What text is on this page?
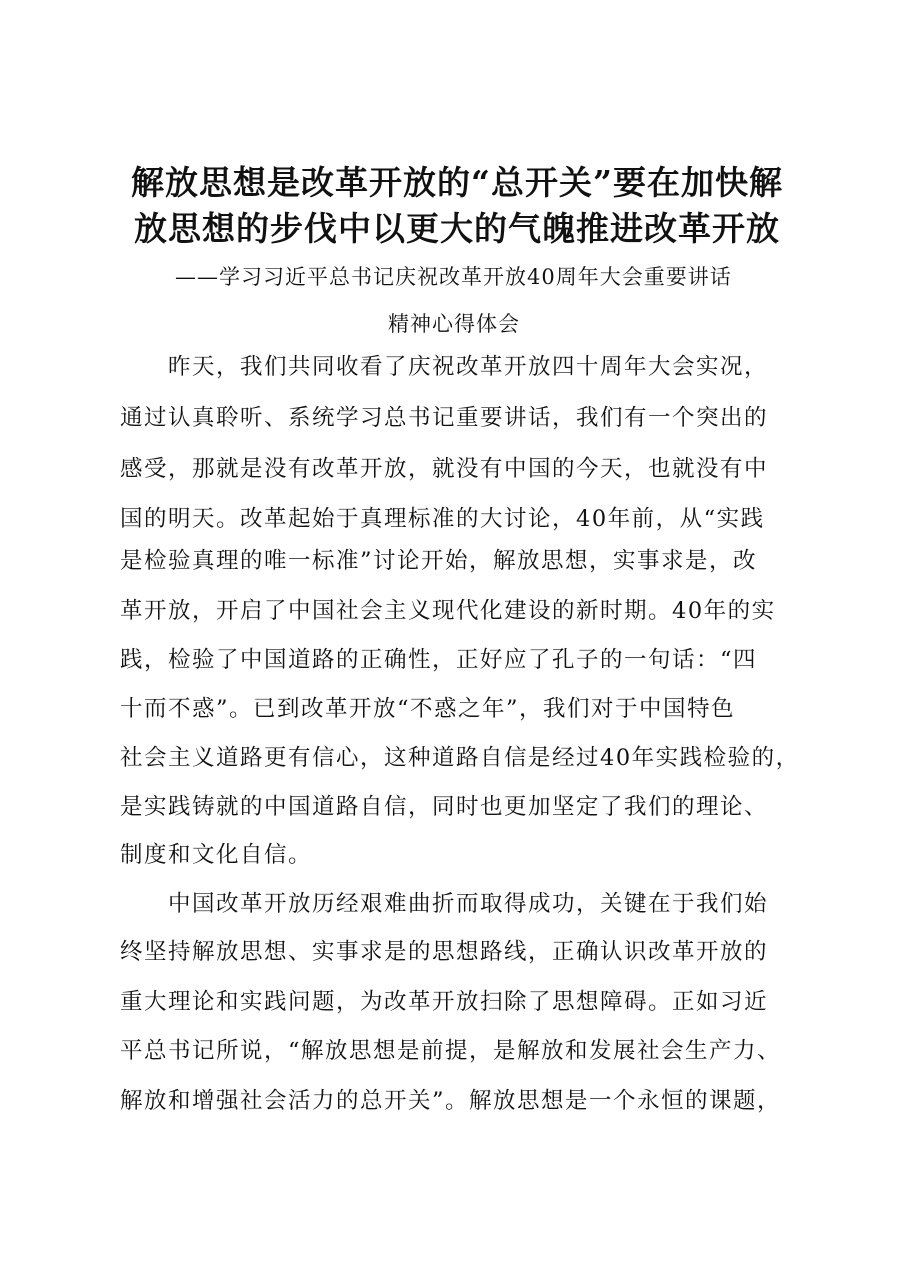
解放思想是改革开放的“总开关”要在加快解
放思想的步伐中以更大的气魄推进改革开放
——学习习近平总书记庆祝改革开放40周年大会重要讲话
精神心得体会
昨天，我们共同收看了庆祝改革开放四十周年大会实况，
通过认真聆听、系统学习总书记重要讲话，我们有一个突出的
感受，那就是没有改革开放，就没有中国的今天，也就没有中
国的明天。改革起始于真理标准的大讨论，40年前，从“实践
是检验真理的唯一标准”讨论开始，解放思想，实事求是，改
革开放，开启了中国社会主义现代化建设的新时期。40年的实
践，检验了中国道路的正确性，正好应了孔子的一句话：“四
十而不惑”。已到改革开放“不惑之年”，我们对于中国特色
社会主义道路更有信心，这种道路自信是经过40年实践检验的，
是实践铸就的中国道路自信，同时也更加坚定了我们的理论、
制度和文化自信。
中国改革开放历经艰难曲折而取得成功，关键在于我们始
终坚持解放思想、实事求是的思想路线，正确认识改革开放的
重大理论和实践问题，为改革开放扫除了思想障碍。正如习近
平总书记所说，“解放思想是前提，是解放和发展社会生产力、
解放和增强社会活力的总开关”。解放思想是一个永恒的课题，
